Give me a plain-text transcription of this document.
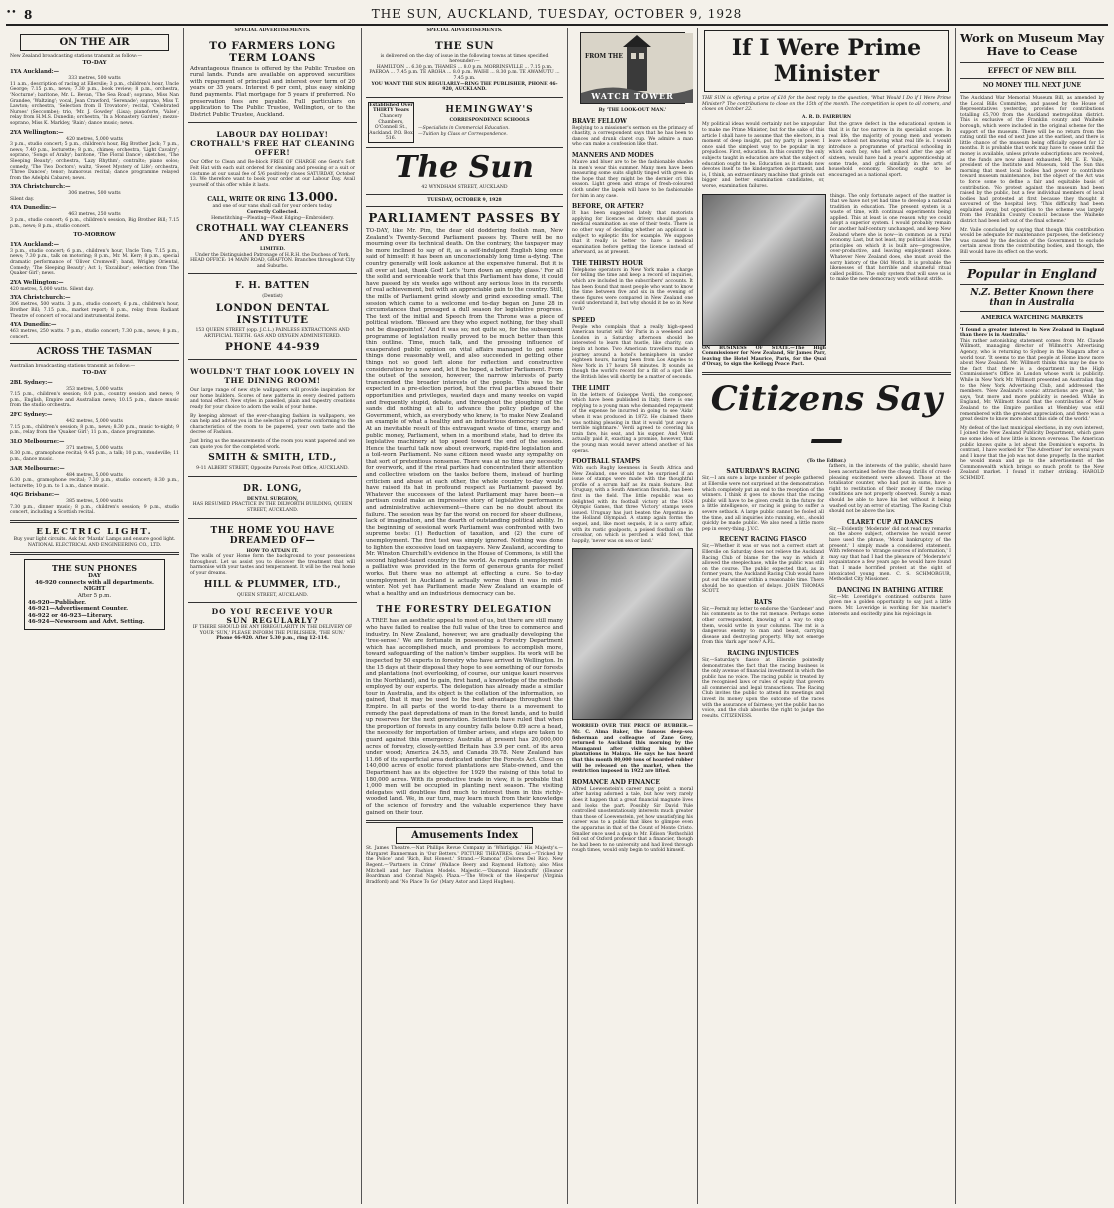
•• 8	THE SUN, AUCKLAND, TUESDAY, OCTOBER 9, 1928
ON THE AIR
New Zealand broadcasting stations transmit as follow:—
TO-DAY
1YA Auckland:—
333 metres, 500 watts
11 a.m., description of racing at Ellerslie; 3 p.m., children's hour, Uncle George; 7.15 p.m., news; 7.30 p.m., book review; 8 p.m., orchestra, 'Nocturne'; baritone, Mr. L. Bevan, 'The Sea Road'; soprano, Miss Nan Grandee, 'Waltzing'; vocal, Jean Crawford, 'Serenade'; soprano, Miss T. Lawton; orchestra, 'Selection from Il Trovatore'; recital, 'Celebrated Nurses' (Seccombe); trio, 'Mr. J. Gowdey' (Lisa); pianoforte, 'Valse'; relay from H.M.S. Dunedin; orchestra, 'In a Monastery Garden'; mezzo-soprano, Miss K. Markley, 'Rain'; dance music; news.
2YA Wellington:—
420 metres, 5,000 watts
3 p.m., studio concert; 5 p.m., children's hour, Big Brother Jack; 7 p.m., news; 7.40 p.m., lecturette; 8 p.m., chimes; orchestra, 'Light Cavalry'; soprano, 'Songs of Araby'; baritone, 'The Floral Dance'; sketches, 'The Sleeping Beauty'; orchestra, 'Lazy Rhythm'; contralto; piano solos; comedy, 'The Two Doctors'; waltz, 'Sweet Mystery of Life'; orchestra, 'Three Dances'; tenor; humorous recital; dance programme relayed from the Adelphi Cabaret; news.
3YA Christchurch:—
306 metres, 500 watts
Silent day.
4YA Dunedin:—
463 metres, 250 watts
3 p.m., studio concert; 6 p.m., children's session, Big Brother Bill; 7.15 p.m., news; 8 p.m., studio concert.
TO-MORROW
1YA Auckland:—
3 p.m., studio concert; 6 p.m., children's hour, Uncle Tom; 7.15 p.m., news; 7.30 p.m., talk on motoring; 8 p.m., Mr. M. Kerr; 8 p.m., special dramatic performance of 'Oliver Cromwell'; band, Wrigley Oriental, Comedy; 'The Sleeping Beauty'; Act 1; 'Excalibur'; selection from 'The Quaker Girl'; news.
2YA Wellington:—
420 metres, 5,000 watts. Silent day.
3YA Christchurch:—
306 metres, 500 watts. 3 p.m., studio concert; 6 p.m., children's hour, Brother Bill; 7.15 p.m., market report; 8 p.m., relay from Radiant Theatre of concert of vocal and instrumental items.
4YA Dunedin:—
463 metres, 250 watts. 7 p.m., studio concert; 7.30 p.m., news; 8 p.m., concert.
ACROSS THE TASMAN
Australian broadcasting stations transmit as follow:—
TO-DAY
2BL Sydney:—
353 metres, 5,000 watts
7.15 p.m., children's session; 8.0 p.m., country session and news; 9 p.m., English, Empire and Australian news; 10.15 p.m., dance music from the studio orchestra.
2FC Sydney:—
442 metres, 5,000 watts
7.15 p.m., children's session; 8 p.m., news; 8.30 p.m., music to-night; 9 p.m., relay from the 'Quaker Girl'; 11 p.m., dance programme.
3LO Melbourne:—
371 metres, 5,000 watts
8.30 p.m., gramophone recital; 9.45 p.m., a talk; 10 p.m., vaudeville; 11 p.m., dance music.
3AR Melbourne:—
484 metres, 5,000 watts
6.30 p.m., gramophone recital; 7.30 p.m., studio concert; 8.30 p.m., lecturette; 10 p.m. to 1 a.m., dance music.
4QG Brisbane:—
385 metres, 5,000 watts
7.30 p.m., dinner music; 8 p.m., children's session; 9 p.m., studio concert, including a Scottish recital.
ELECTRIC LIGHT.
Buy your light circuits. Ask for 'Mazda' Lamps and ensure good light. NATIONAL ELECTRICAL AND ENGINEERING CO., LTD.
THE SUN PHONES
DAY
46-920 connects with all departments.
NIGHT
After 5 p.m.
46-920—Publisher.
46-921—Advertisement Counter.
46-922 or 46-923—Literary.
46-924—Newsroom and Advt. Setting.
SPECIAL ADVERTISEMENTS.
TO FARMERS LONG TERM LOANS
Advantageous finance is offered by the Public Trustee on rural lands. Funds are available on approved securities with repayment of principal and interest over term of 20 years or 35 years. Interest 6 per cent, plus easy sinking fund payments. Flat mortgage for 5 years if preferred. No preservation fees are payable. Full particulars on application to The Public Trustee, Wellington, or to the District Public Trustee, Auckland.
LABOUR DAY HOLIDAY! CROTHALL'S FREE HAT CLEANING OFFER!
Our Offer to Clean and Re-block FREE OF CHARGE one Gent's Soft Felt Hat with each suit ordered for cleaning and pressing or a suit or costume at our usual fee of 5/6 positively closes SATURDAY, October 13. We therefore want to book your order at our Labour Day. Avail yourself of this offer while it lasts.
CALL, WRITE OR RING 13.000.
and one of our vans shall call for your orders today.
Correctly Collected.
Hemstitching—Pleating—Pleat Edging—Embroidery.
CROTHALL WAY CLEANERS AND DYERS
LIMITED.
Under the Distinguished Patronage of H.R.H. the Duchess of York.
HEAD OFFICE: 14 MAIN ROAD, GRAFTON. Branches throughout City and Suburbs.
F. H. BATTEN
(Dentist)
LONDON DENTAL INSTITUTE
153 QUEEN STREET (opp. J.C.L.) PAINLESS EXTRACTIONS AND ARTIFICIAL TEETH. GAS AND OXYGEN ADMINISTERED.
PHONE 44-939
WOULDN'T THAT LOOK LOVELY IN THE DINING ROOM!
Our large range of new style wallpapers will provide inspiration for our home builders. Scores of new patterns in every desired pattern and tonal effect. New styles in panelled, plain and tapestry creations ready for your choice to adorn the walls of your home.
By keeping abreast of the ever-changing fashion in wallpapers, we can help and advise you in the selection of patterns conforming to the characteristics of the room to be papered, your own taste and the decree of Fashion.
Just bring us the measurements of the room you want papered and we can quote you for the completed work.
SMITH & SMITH, LTD.,
9-11 ALBERT STREET, Opposite Parcels Post Office, AUCKLAND.
DR. LONG,
DENTAL SURGEON,
HAS RESUMED PRACTICE IN THE DILWORTH BUILDING, QUEEN STREET, AUCKLAND.
THE HOME YOU HAVE DREAMED OF—
HOW TO ATTAIN IT.
The walls of your Home form the background to your possessions throughout. Let us assist you to discover the treatment that will harmonise with your tastes and temperament. It will be the real home of your dreams.
HILL & PLUMMER, LTD.,
QUEEN STREET, AUCKLAND.
DO YOU RECEIVE YOUR
SUN REGULARLY?
IF THERE SHOULD BE ANY IRREGULARITY IN THE DELIVERY OF YOUR 'SUN,' PLEASE INFORM THE PUBLISHER, 'THE SUN.'
Phone 46-920. After 5.30 p.m., ring 12-114.
SPECIAL ADVERTISEMENTS.
THE SUN
is delivered on the day of issue in the following towns at times specified hereunder:—
HAMILTON ... 6.30 p.m. THAMES ... 8.0 p.m. MORRINSVILLE ... 7.15 p.m. PAEROA ... 7.45 p.m. TE AROHA ... 8.0 p.m. WAIHI ... 8.30 p.m. TE AWAMUTU ... 7.45 p.m.
YOU WANT THE SUN REGULARLY—RING THE PUBLISHER, PHONE 46-920, AUCKLAND.
Established Over THIRTY Years
Chancery Chambers, O'Connell St., Auckland. P.O. Box 516.
HEMINGWAY'S
CORRESPONDENCE SCHOOLS
—Specialists in Commercial Education.
—Tuition by Class or Correspondence.
The Sun
42 WYNDHAM STREET, AUCKLAND
TUESDAY, OCTOBER 9, 1928
PARLIAMENT PASSES BY
TO-DAY, like Mr. Pim, the dear old doddering foolish man, New Zealand's Twenty-Second Parliament passes by. There will be no mourning over its technical death. On the contrary, the taxpayer may be more inclined to say of it, as a self-indulgent English king once said of himself: it has been an unconscionably long time a-dying. The country generally will look askance at the expensive funeral. But it is all over at last, thank God! Let's 'turn down an empty glass.' For all the solid and serviceable work that this Parliament has done, it could have passed by six weeks ago without any serious loss in its records of real achievement, but with an appreciable gain to the country. Still, the mills of Parliament grind slowly and grind exceeding small. The session which came to a welcome end to-day began on June 28 in circumstances that presaged a dull season for legislative progress. The text of the initial and Speech from the Throne was a piece of political wisdom. 'Blessed are they who expect nothing, for they shall not be disappointed.' And it was so; not quite so, for the subsequent programme of legislation really proved to be much better than this thin outline. Time, much talk, and the pressing influence of exasperated public opinion on vital affairs managed to get some things done reasonably well, and also succeeded in getting other things not so good left alone for reflection and constructive consideration by a new and, let it be hoped, a better Parliament. From the outset of the session, however, the narrow interests of party transcended the broader interests of the people. This was to be expected in a pre-election period, but the rival parties abused their opportunities and privileges, wasted days and many weeks on vapid and frequently stupid, debate, and throughout the ploughing of the sands did nothing at all to advance the policy pledge of the Government, which, as everybody who knew, is 'to make New Zealand an example of what a healthy and an industrious democracy can be.' At an inevitable result of this extravagant waste of time, energy and public money, Parliament, when in a moribund state, had to drive its legislative machinery at top speed toward the end of the session. Hence the tearful talk now about overwork, rapid-fire legislation and a toil-worn Parliament. No sane citizen need waste any sympathy on that sort of pretentious nonsense. There was at no time any necessity for overwork, and if the rival parties had concentrated their attention and collective wisdom on the tasks before them, instead of hurling criticism and abuse at each other, the whole country to-day would have raised its hat in profound respect as Parliament passed by. Whatever the successes of the latest Parliament may have been—a partisan could make an impressive story of legislative performance and administrative achievement—there can be no doubt about its failure. The session was by far the worst on record for sheer dullness, lack of imagination, and the dearth of outstanding political ability. In the beginning of sessional work Parliament was confronted with two supreme tests: (1) Reduction of taxation, and (2) the cure of unemployment. The first test was simply ignored. Nothing was done to lighten the excessive load on taxpayers. New Zealand, according to Mr. Winston Churchill's evidence in the House of Commons, is still the second highest-taxed country in the world. As regards unemployment a palliative was provided in the form of generous grants for relief works. But there was no attempt at effecting a cure. So to-day unemployment in Auckland is actually worse than it was in mid-winter. Not yet has Parliament made New Zealand an example of what a healthy and an industrious democracy can be.
THE FORESTRY DELEGATION
A TREE has an aesthetic appeal to most of us, but there are still many who have failed to realise the full value of the tree to commerce and industry. In New Zealand, however, we are gradually developing the 'tree-sense.' We are fortunate in possessing a Forestry Department which has accomplished much, and promises to accomplish more, toward safeguarding of the nation's timber supplies. Its work will be inspected by 50 experts in forestry who have arrived in Wellington. In the 15 days at their disposal they hope to see something of our forests and plantations (not overlooking, of course, our unique kauri reserves in the Northland), and to gain, first hand, a knowledge of the methods employed by our experts. The delegation has already made a similar tour in Australia, and its object is the collation of the information, so gained, that it may be used to the best advantage throughout the Empire. In all parts of the world to-day there is a movement to remedy the past depredations of man in the forest lands, and to build up reserves for the next generation. Scientists have ruled that when the proportion of forests in any country falls below 0.89 acre a head, the necessity for importation of timber arises, and steps are taken to guard against this emergency. Australia at present has 20,000,000 acres of forestry, closely-settled Britain has 3.9 per cent. of its area under wood; America 24.55, and Canada 39.78. New Zealand has 11.66 of its superficial area dedicated under the Forests Act. Close on 140,000 acres of exotic forest plantations are State-owned, and the Department has as its objective for 1929 the raising of this total to 180,000 acres. With its productive trade in view, it is probable that 1,000 men will be occupied in planting next season. The visiting delegates will doubtless find much to interest them in this richly-wooded land. We, in our turn, may learn much from their knowledge of the science of forestry and the valuable experience they have gained on their tour.
Amusements Index
St. James Theatre.—Nat Phillips Revue Company in 'Whirligigs.' His Majesty's.—Margaret Bannerman in 'Our Betters.' PICTURE THEATRES. Grand.—'Tricked by the Police' and 'Rich, But Honest.' Strand.—'Ramona' (Dolores Del Rio). New Regent.—'Partners in Crime' (Wallace Beery and Raymond Hatton); also Miss Mitchell and her Fashion Models. Majestic.—'Diamond Handcuffs' (Eleanor Boardman and Conrad Nagel). Plaza.—'The Wreck of the Hesperus' (Virginia Bradford) and 'No Place To Go' (Mary Astor and Lloyd Hughes).
FROM THE
WATCH TOWER
By 'THE LOOK-OUT MAN.'
BRAVE FELLOW
Replying to a missioner's sermon on the primacy of chastity, a correspondent says that he has been to dances and drunk claret cup. We admire a man who can make a confession like that.
MANNERS AND MODES
Mauve and bluer are to be the fashionable shades in men's wear this summer. Many men have been measuring some suits slightly tinged with green in the hope that they might be the dernier cri this season. Light green and straps of fresh-coloured cloth under the lapels will have to be fashionable for him in any case.
BEFORE, OR AFTER?
It has been suggested lately that motorists applying for licences as drivers should pass a medical examination as one of their tests. There is no other way of deciding whether an applicant is subject to epileptic fits for example. We suppose that it really is better to have a medical examination before getting the licence instead of afterward, as at present.
THE THIRSTY HOUR
Telephone operators in New York make a charge for telling the time and keep a record of inquiries, which are included in the subscribers' accounts. It has been found that most people who want to know the time between five and six in the evening of these figures were compared in New Zealand one could understand it, but why should it be so in New York?
SPEED
People who complain that a really high-speed American tourist will 'do' Paris in a weekend and London in a Saturday afternoon should be interested to learn that hustle, like charity, can begin at home. Two American travellers made a journey around a hotel's hemisphere in under eighteen hours, having been from Los Angeles to New York in 17 hours 58 minutes. It sounds as though the world's record for a flit of a spot like the British Isles will shortly be a matter of seconds.
THE LIMIT
In the letters of Guiseppe Verdi, the composer, which have been published in Italy, there is one replying to a young man who demanded repayment of the expense he incurred in going to see 'Aida' when it was produced in 1872. He claimed there was nothing pleasing in that it would 'put away a terrible nightmare.' Verdi agreed to covering his train fare, his seat, and his supper. And Verdi actually paid it, exacting a promise, however, that the young man would never attend another of his operas.
FOOTBALL STAMPS
With such Rugby keenness in South Africa and New Zealand, one would not be surprised if an issue of stamps were made with the thoughtful profile of a scrum half as its main feature. But Uruguay, with a South American flourish, has been first in the field. The little republic was so delighted with its football victory at the 1924 Olympic Games, that three 'Victory' stamps were issued. Uruguay has just beaten the Argentine in the Holland Olympiad. A stamp again forms the sequel, and, like most sequels, it is a sorry affair, with its rustic goalposts, a poised football on the crossbar, on which is perched a wild fowl, that happily, 'never was on sea or land.'
WORRIED OVER THE PRICE OF RUBBER.—Mr. C. Alma Baker, the famous deep-sea fisherman and colleague of Zane Grey, returned to Auckland this morning by the Maunganui after visiting his rubber plantations in Malaya. He says he has heard that this month 80,000 tons of hoarded rubber will be released on the market, when the restriction imposed in 1922 are lifted.
ROMANCE AND FINANCE
Alfred Loewenstein's career may point a moral after having adorned a tale, but how very rarely does it happen that a great financial magnate lives and looks the part. Possibly Sir David Yule controlled unostentatiously interests much greater than those of Loewenstein, yet how unsatisfying his career was to a public that likes to glimpse even the apparatus in that of the Count of Monte Cristo. Smaller once used a quip to Mr. Edison 'Rothschild fell out of Oxford professor that a financier, though he had been to no university and had lived through rough times, would only begin to unfold himself.
If I Were Prime Minister
THE SUN is offering a prize of £10 for the best reply to the question, 'What Would I Do if I Were Prime Minister?' The contributions to close on the 15th of the month. The competition is open to all comers, and closes on October 22.
A. R. D. FAIRBURN
My political ideas would certainly not be unpopular to make me Prime Minister, but for the sake of this article I shall have to assume that the electors, in a moment of deep insight, put my party in power. I once said the simplest way to be popular in my prejudices. First, education. In this country the only subjects taught in education are what the subject of education ought to be. Education as it stands now devotes itself to the kindergarten department, and is, I think, an extraordinary machine that grinds out bigger and better examination candidates, or, worse, examination failures.
But the grave defect in the educational system is that it is far too narrow in its specialist scope. In real life, the majority of young men and women leave school not knowing what real life is. I would introduce a programme of practical schooling in which each boy, who left school after the age of sixteen, would have had a year's apprenticeship at some trade, and girls similarly in the arts of household economy. Shooting ought to be encouraged as a national sport.
ON BUSINESS OF STATE.—The High Commissioner for New Zealand, Sir James Parr, leaving the Hotel Maurice, Paris, for the Quai d'Orsay, to sign the Kellogg Peace Pact.
things. The only fortunate aspect of the matter is that we have not yet had time to develop a national tradition in education. The present system is a waste of time, with continual experiments being applied. This at least is one reason why we could adopt a superior system. I would probably remain for another half-century unchanged, and keep New Zealand where she is now—in common as a rural economy. Last, but not least, my political ideas. The principles on which it is built are—progressive, over-productive, and leaving employment alone. Whatever New Zealand does, she must avoid the sorry history of the Old World. It is probable the likenesses of that horrible and shameful ritual called politics. The only system that will save us is to make the new democracy work without strife.
Citizens Say—
(To the Editor.)
SATURDAY'S RACING
Sir,—I am sure a large number of people gathered at Ellerslie were not surprised at the demonstration which completely put an end to the reception of the winners. I think it goes to shows that the racing public will have to be given credit in the future for a little intelligence, or racing is going to suffer a severe setback. A large public cannot be fooled all the time, and all inquiries into running, etc., should quickly be made public. We also need a little more pep in every-thing. J.V.C.
RECENT RACING FIASCO
Sir,—Whether it was or was not a correct start at Ellerslie on Saturday does not relieve the Auckland Racing Club of blame for the way in which it allowed the steeplechase, while the public was still on the course. The public expected that, as in former years, the Auckland Racing Club would have put out the winner within a reasonable time. There should be no question of delays. JOHN THOMAS SCOTT.
RATS
Sir,—Permit my letter to endorse the 'Gardener' and his comments as to the rat menace. Perhaps some other correspondent, knowing of a way to stop them, would write in your columns. The rat is a dangerous enemy to man and beast, carrying disease and destroying property. Why not emerge from this 'dark age' now? A.P.L.
RACING INJUSTICES
Sir,—Saturday's fiasco at Ellerslie pointedly demonstrates the fact that the racing business is the only avenue of financial investment in which the public has no voice. The racing public is treated by the recognised laws or rules of equity that govern all commercial and legal transactions. The Racing Club invites the public to attend its meetings and invest its money upon the outcome of the races with the assurance of fairness; yet the public has no voice, and the club absorbs the right to judge the results. CITIZENESS.
fathers, in the interests of the public, should have been ascertained before the cheap thrills of crowd-pleasing excitement were allowed. Those at the totalisator counter, who had put in sums, have a right to restitution of their money if the racing conditions are not properly observed. Surely a man should be able to have his bet without it being washed out by an error of starting. The Racing Club should not be above the law.
CLARET CUP AT DANCES
Sir,—Evidently 'Moderate' did not read my remarks on the above subject, otherwise he would never have used the phrase, 'Moral bankruptcy of the present.' I simply made a considered statement. With reference to 'strange sources of information,' I may say that had I had the pleasure of 'Moderate's' acquaintance a few years ago he would have found that I made horrified protest at the sight of intoxicated young men. C. S. SCHMORGUR, Methodist City Missioner.
DANCING IN BATHING ATTIRE
Sir,—Mr. Loveridge's continued outbursts have given me a golden opportunity to say just a little more. Mr. Loveridge is working for his master's interests and excitedly pins his rejoicings in
Work on Museum May Have to Cease
EFFECT OF NEW BILL
NO MONEY TILL NEXT JUNE
The Auckland War Memorial Museum Bill, as amended by the Local Bills Committee, and passed by the House of Representatives yesterday, provides for contributions totalling £5,700 from the Auckland metropolitan district. This is exclusive of the Franklin county and Waiheke borough, which were included in the original scheme for the support of the museum. There will be no return from the rating until the end of next June at the earliest, and there is little chance of the museum being officially opened for 12 months. It is probable that work may have to cease until the money is available, unless private subscriptions are received, as the funds are now almost exhausted. Mr. E. E. Vaile, president of the Institute and Museum, told The Sun this morning that most local bodies had power to contribute toward museum maintenance, but the object of the Act was to force some to define a fair and equitable basis of contribution. 'No protest against the museum had been raised by the public, but a few individual members of local bodies had protested at first because they thought it savoured of the hospital levy. 'This difficulty had been explained away, but opposition to the scheme was largely from the Franklin County Council because the Waiheke district had been left out of the final scheme.'
Mr. Vaile concluded by saying that though this contribution would be adequate for maintenance purposes, the deficiency was caused by the decision of the Government to exclude certain areas from the contributing bodies, and though, the Bill would have its effect on the work.
Popular in England
N.Z. Better Known there than in Australia
AMERICA WATCHING MARKETS
'I found a greater interest in New Zealand in England than there is in Australia.'
This rather astonishing statement comes from Mr. Claude Willmott, managing director of Willmott's Advertising Agency, who is returning to Sydney in the Niagara after a world tour. 'It seems to me that people at Home know more about New Zealand. Mr. Willmott thinks this may be due to the fact that there is a department in the High Commissioner's Office in London whose work is publicity. While in New York Mr. Willmott presented an Australian flag to the New York Advertising Club, and addressed the members. 'New Zealand's scenic attractions are great,' he says, 'but more and more publicity is needed. While in England, Mr. Willmott found that the contribution of New Zealand to the Empire pavilion at Wembley was still remembered with the greatest appreciation, and there was a great desire to know more about this side of the world.'
My defeat of the last municipal elections, in my own interest, I joined the New Zealand Publicity Department, which gave me some idea of how little is known overseas. The American public knows quite a lot about the Dominion's exports. In contrast, I have worked for 'The Advertiser' for several years and I know that the job was not done properly. In the market he would mean and go to the advertisement of the Commonwealth which brings so much profit to the New Zealand market. I found it rather striking. HAROLD SCHMIDT.
